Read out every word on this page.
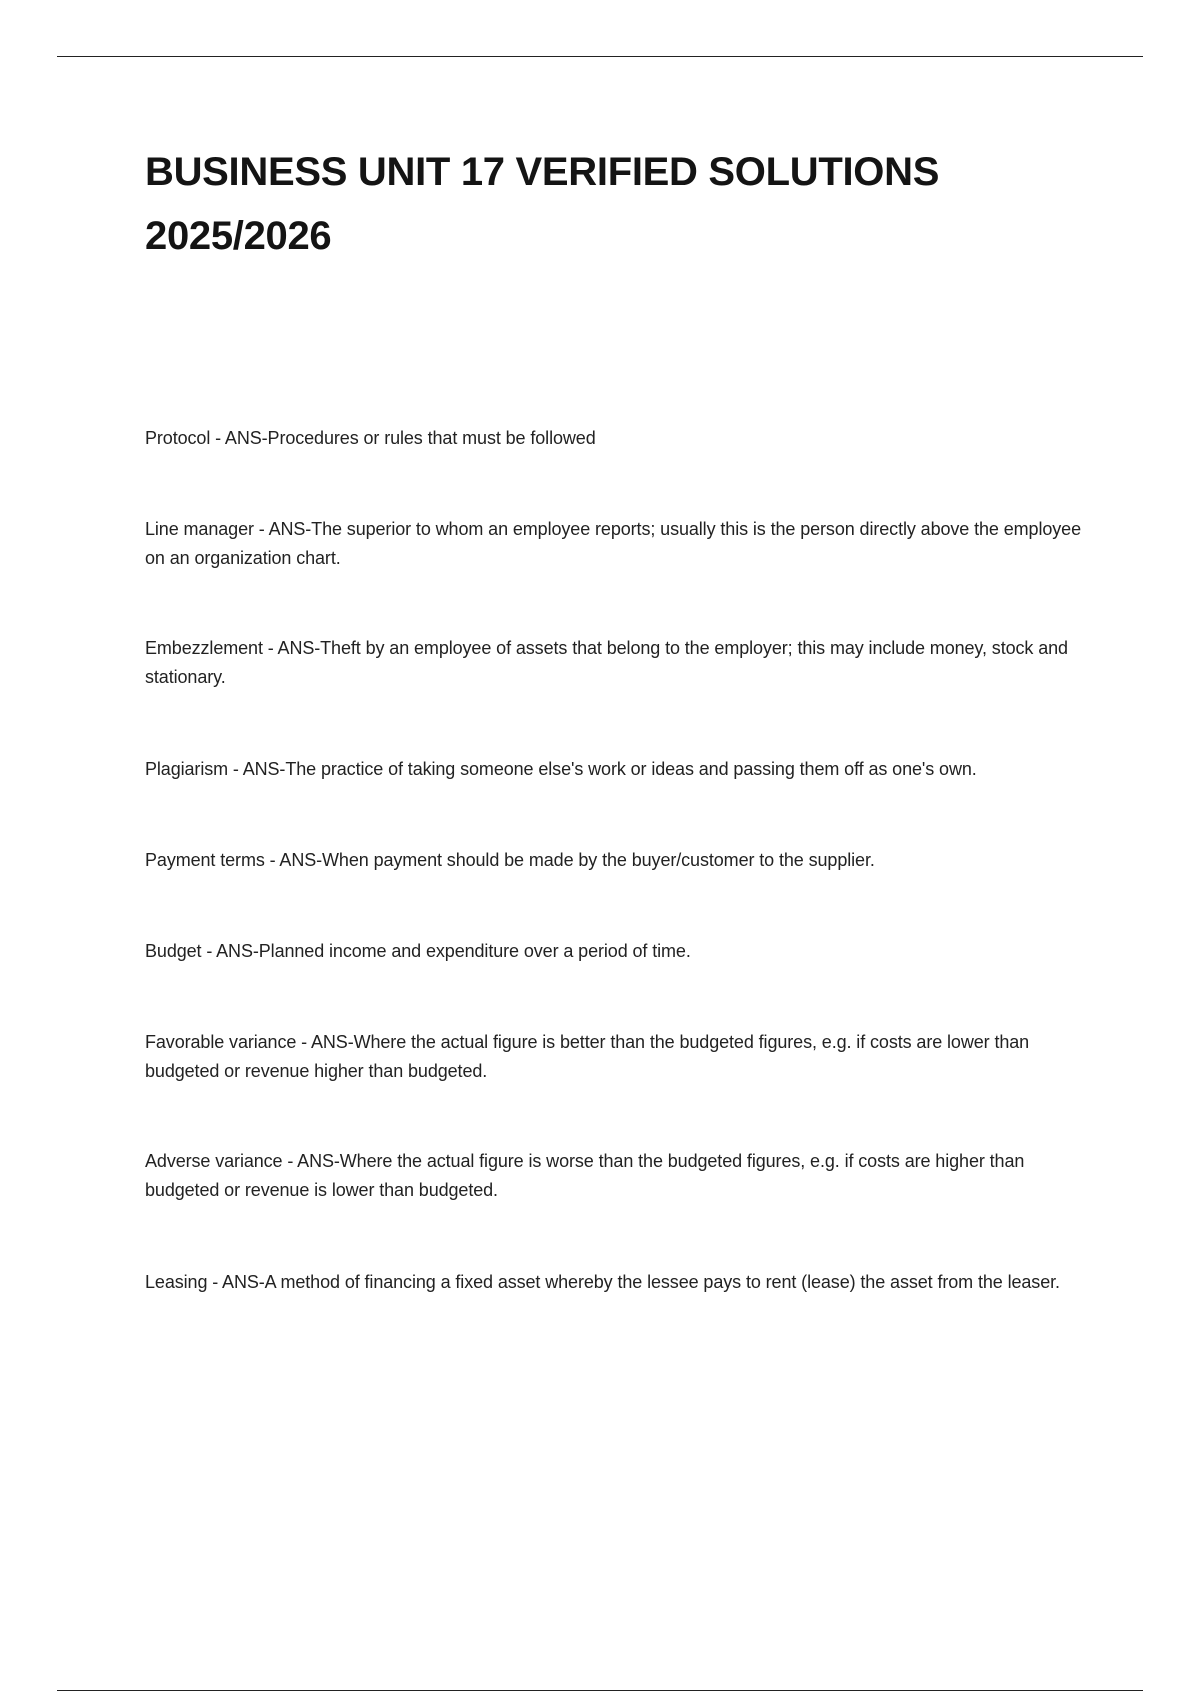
BUSINESS UNIT 17 VERIFIED SOLUTIONS
2025/2026

Protocol - ANS-Procedures or rules that must be followed

Line manager - ANS-The superior to whom an employee reports; usually this is the person directly above the employee on an organization chart.

Embezzlement - ANS-Theft by an employee of assets that belong to the employer; this may include money, stock and stationary.

Plagiarism - ANS-The practice of taking someone else's work or ideas and passing them off as one's own.

Payment terms - ANS-When payment should be made by the buyer/customer to the supplier.

Budget - ANS-Planned income and expenditure over a period of time.

Favorable variance - ANS-Where the actual figure is better than the budgeted figures, e.g. if costs are lower than budgeted or revenue higher than budgeted.

Adverse variance - ANS-Where the actual figure is worse than the budgeted figures, e.g. if costs are higher than budgeted or revenue is lower than budgeted.

Leasing - ANS-A method of financing a fixed asset whereby the lessee pays to rent (lease) the asset from the leaser.
